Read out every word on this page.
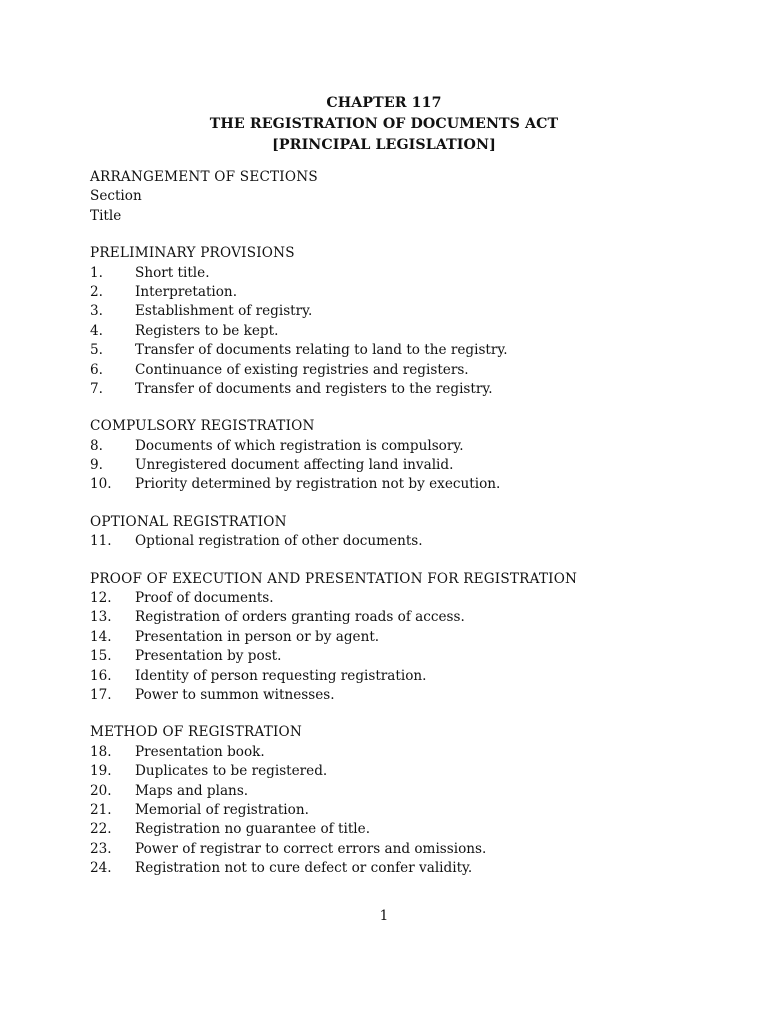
CHAPTER 117
THE REGISTRATION OF DOCUMENTS ACT
[PRINCIPAL LEGISLATION]
ARRANGEMENT OF SECTIONS
Section
Title
PRELIMINARY PROVISIONS
1.	Short title.
2.	Interpretation.
3.	Establishment of registry.
4.	Registers to be kept.
5.	Transfer of documents relating to land to the registry.
6.	Continuance of existing registries and registers.
7.	Transfer of documents and registers to the registry.
COMPULSORY REGISTRATION
8.	Documents of which registration is compulsory.
9.	Unregistered document affecting land invalid.
10.	Priority determined by registration not by execution.
OPTIONAL REGISTRATION
11.	Optional registration of other documents.
PROOF OF EXECUTION AND PRESENTATION FOR REGISTRATION
12.	Proof of documents.
13.	Registration of orders granting roads of access.
14.	Presentation in person or by agent.
15.	Presentation by post.
16.	Identity of person requesting registration.
17.	Power to summon witnesses.
METHOD OF REGISTRATION
18.	Presentation book.
19.	Duplicates to be registered.
20.	Maps and plans.
21.	Memorial of registration.
22.	Registration no guarantee of title.
23.	Power of registrar to correct errors and omissions.
24.	Registration not to cure defect or confer validity.
1
